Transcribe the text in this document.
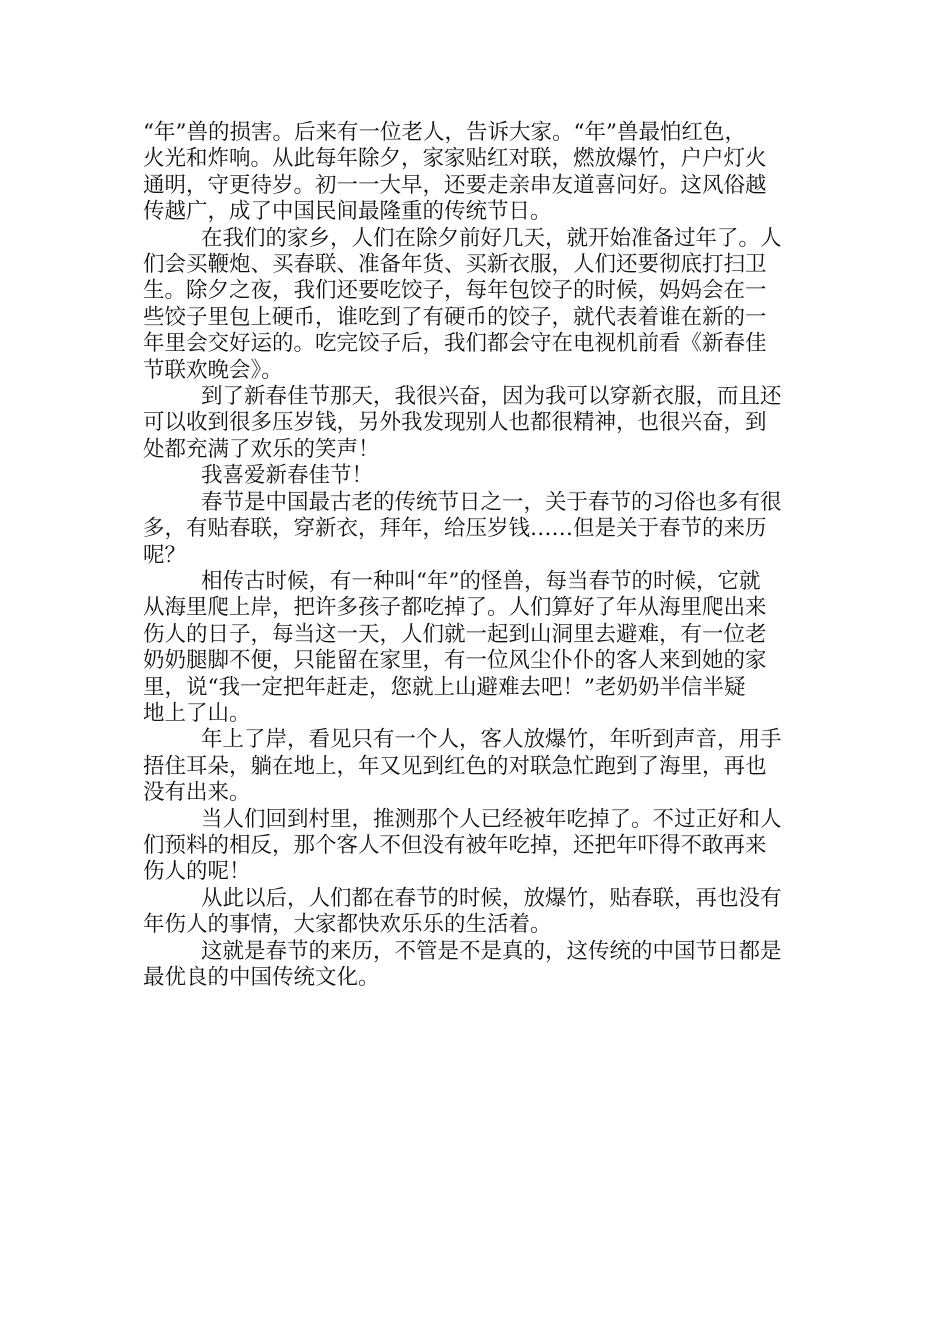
“年”兽的损害。后来有一位老人，告诉大家。“年”兽最怕红色，
火光和炸响。从此每年除夕，家家贴红对联，燃放爆竹，户户灯火
通明，守更待岁。初一一大早，还要走亲串友道喜问好。这风俗越
传越广，成了中国民间最隆重的传统节日。

在我们的家乡，人们在除夕前好几天，就开始准备过年了。人
们会买鞭炮、买春联、准备年货、买新衣服，人们还要彻底打扫卫
生。除夕之夜，我们还要吃饺子，每年包饺子的时候，妈妈会在一
些饺子里包上硬币，谁吃到了有硬币的饺子，就代表着谁在新的一
年里会交好运的。吃完饺子后，我们都会守在电视机前看《新春佳
节联欢晚会》。

到了新春佳节那天，我很兴奋，因为我可以穿新衣服，而且还
可以收到很多压岁钱，另外我发现别人也都很精神，也很兴奋，到
处都充满了欢乐的笑声！

我喜爱新春佳节！

春节是中国最古老的传统节日之一，关于春节的习俗也多有很
多，有贴春联，穿新衣，拜年，给压岁钱……但是关于春节的来历
呢？

相传古时候，有一种叫“年”的怪兽，每当春节的时候，它就
从海里爬上岸，把许多孩子都吃掉了。人们算好了年从海里爬出来
伤人的日子，每当这一天，人们就一起到山洞里去避难，有一位老
奶奶腿脚不便，只能留在家里，有一位风尘仆仆的客人来到她的家
里，说“我一定把年赶走，您就上山避难去吧！”老奶奶半信半疑
地上了山。

年上了岸，看见只有一个人，客人放爆竹，年听到声音，用手
捂住耳朵，躺在地上，年又见到红色的对联急忙跑到了海里，再也
没有出来。

当人们回到村里，推测那个人已经被年吃掉了。不过正好和人
们预料的相反，那个客人不但没有被年吃掉，还把年吓得不敢再来
伤人的呢！

从此以后，人们都在春节的时候，放爆竹，贴春联，再也没有
年伤人的事情，大家都快欢乐乐的生活着。

这就是春节的来历，不管是不是真的，这传统的中国节日都是
最优良的中国传统文化。
